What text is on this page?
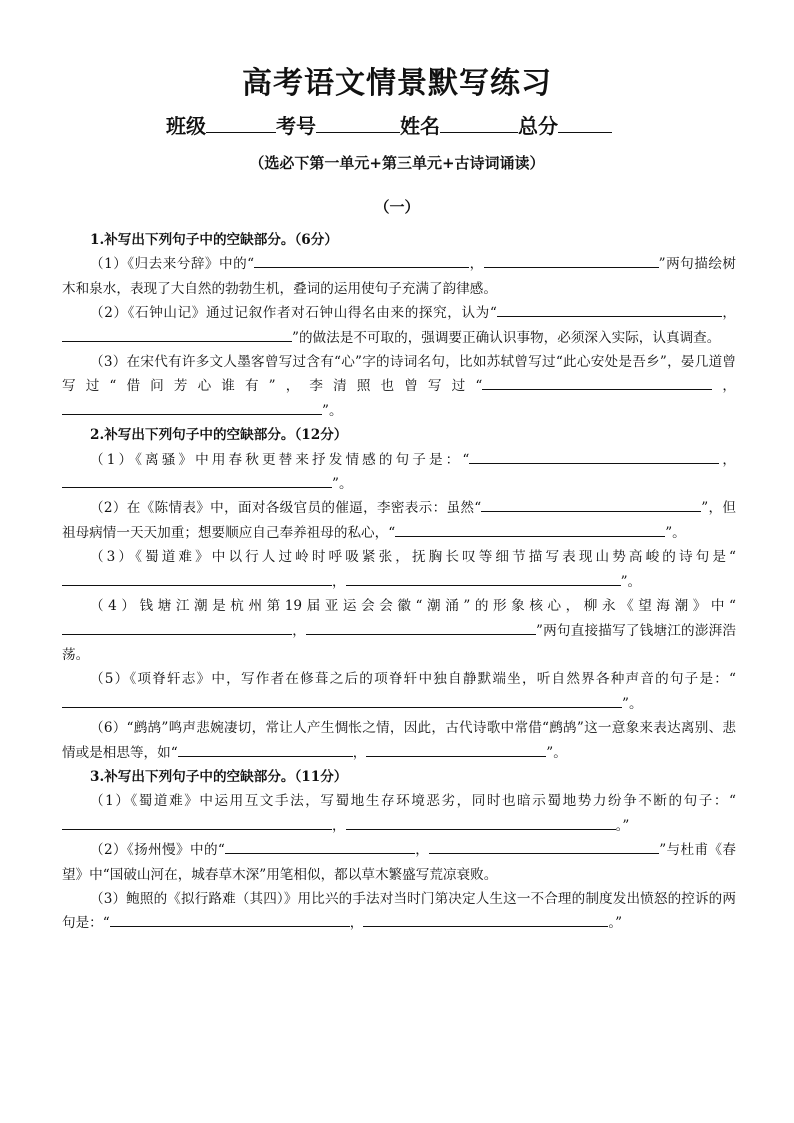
高考语文情景默写练习
班级	考号	姓名	总分
（选必下第一单元+第三单元+古诗词诵读）
（一）
1.补写出下列句子中的空缺部分。（6分）
（1）《归去来兮辞》中的“	，	”两句描绘树木和泉水，表现了大自然的勃勃生机，叠词的运用使句子充满了韵律感。
（2）《石钟山记》通过记叙作者对石钟山得名由来的探究，认为“	，”的做法是不可取的，强调要正确认识事物，必须深入实际，认真调查。
（3）在宋代有许多文人墨客曾写过含有“心”字的诗词名句，比如苏轼曾写过“此心安处是吾乡”，晏几道曾写过“借问芳心谁有”，李清照也曾写过“	，”。
2.补写出下列句子中的空缺部分。（12分）
（1）《离骚》中用春秋更替来抒发情感的句子是：“	，”。
（2）在《陈情表》中，面对各级官员的催逼，李密表示：虽然“	”，但祖母病情一天天加重；想要顺应自己奉养祖母的私心，“	”。
（3）《蜀道难》中以行人过岭时呼吸紧张，抚胸长叹等细节描写表现山势高峻的诗句是“，	”。
（4）钱塘江潮是杭州第19届亚运会会徽“潮涌”的形象核心，柳永《望海潮》中“，	”两句直接描写了钱塘江的澎湃浩荡。
（5）《项脊轩志》中，写作者在修葺之后的项脊轩中独自静默端坐，听自然界各种声音的句子是：“”。
（6）“鹧鸪”鸣声悲婉凄切，常让人产生惆怅之情，因此，古代诗歌中常借“鹧鸪”这一意象来表达离别、悲情或是相思等，如“	，	”。
3.补写出下列句子中的空缺部分。（11分）
（1）《蜀道难》中运用互文手法，写蜀地生存环境恶劣，同时也暗示蜀地势力纷争不断的句子：“，	。”
（2）《扬州慢》中的“	，	”与杜甫《春望》中“国破山河在，城春草木深”用笔相似，都以草木繁盛写荒凉衰败。
（3）鲍照的《拟行路难（其四）》用比兴的手法对当时门第决定人生这一不合理的制度发出愤怒的控诉的两句是：“	，	。”
